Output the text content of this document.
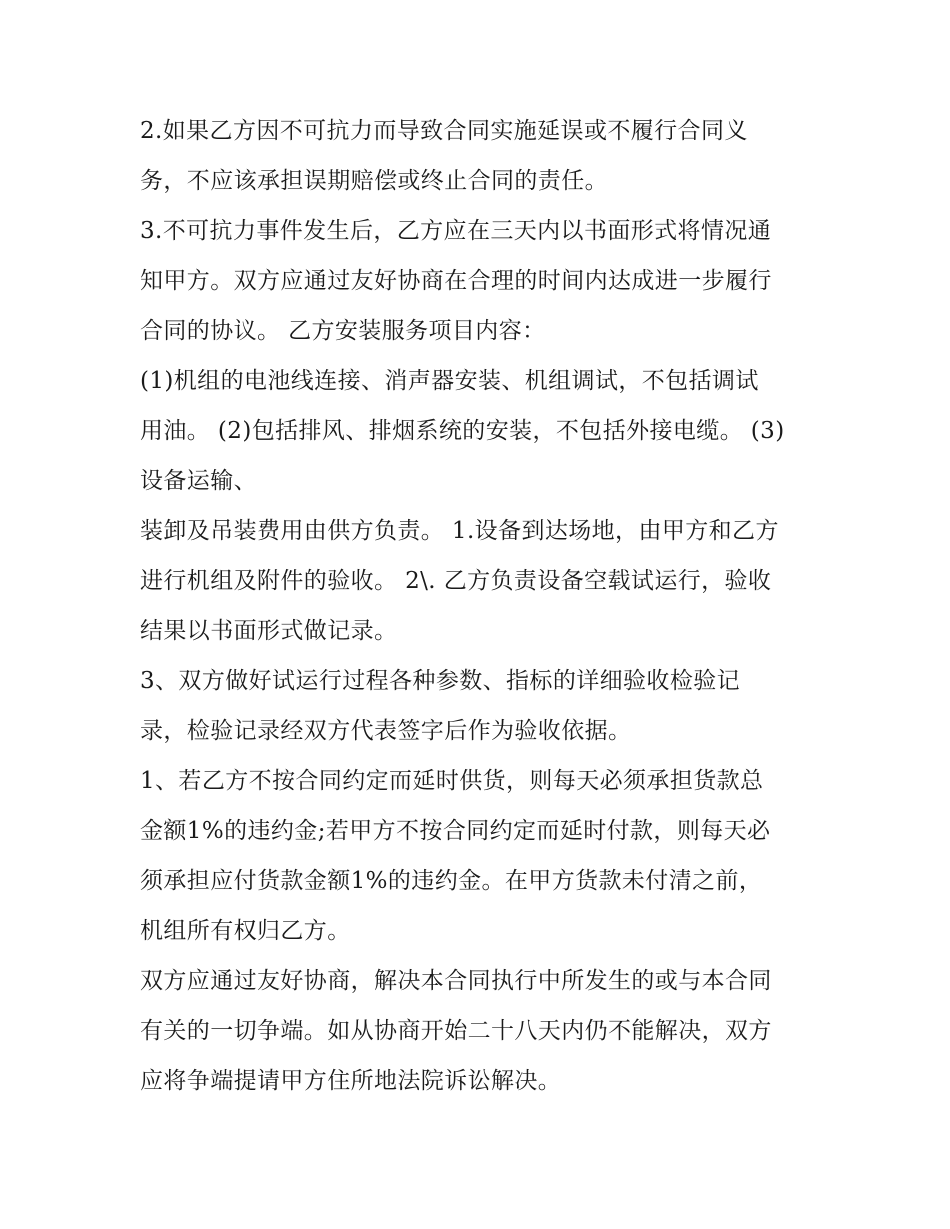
2.如果乙方因不可抗力而导致合同实施延误或不履行合同义
务，不应该承担误期赔偿或终止合同的责任。
3.不可抗力事件发生后，乙方应在三天内以书面形式将情况通
知甲方。双方应通过友好协商在合理的时间内达成进一步履行
合同的协议。 乙方安装服务项目内容：
(1)机组的电池线连接、消声器安装、机组调试，不包括调试
用油。 (2)包括排风、排烟系统的安装，不包括外接电缆。 (3)
设备运输、
装卸及吊装费用由供方负责。 1.设备到达场地，由甲方和乙方
进行机组及附件的验收。 2\. 乙方负责设备空载试运行，验收
结果以书面形式做记录。
3、双方做好试运行过程各种参数、指标的详细验收检验记
录，检验记录经双方代表签字后作为验收依据。
1、若乙方不按合同约定而延时供货，则每天必须承担货款总
金额1%的违约金;若甲方不按合同约定而延时付款，则每天必
须承担应付货款金额1%的违约金。在甲方货款未付清之前，
机组所有权归乙方。
双方应通过友好协商，解决本合同执行中所发生的或与本合同
有关的一切争端。如从协商开始二十八天内仍不能解决，双方
应将争端提请甲方住所地法院诉讼解决。
